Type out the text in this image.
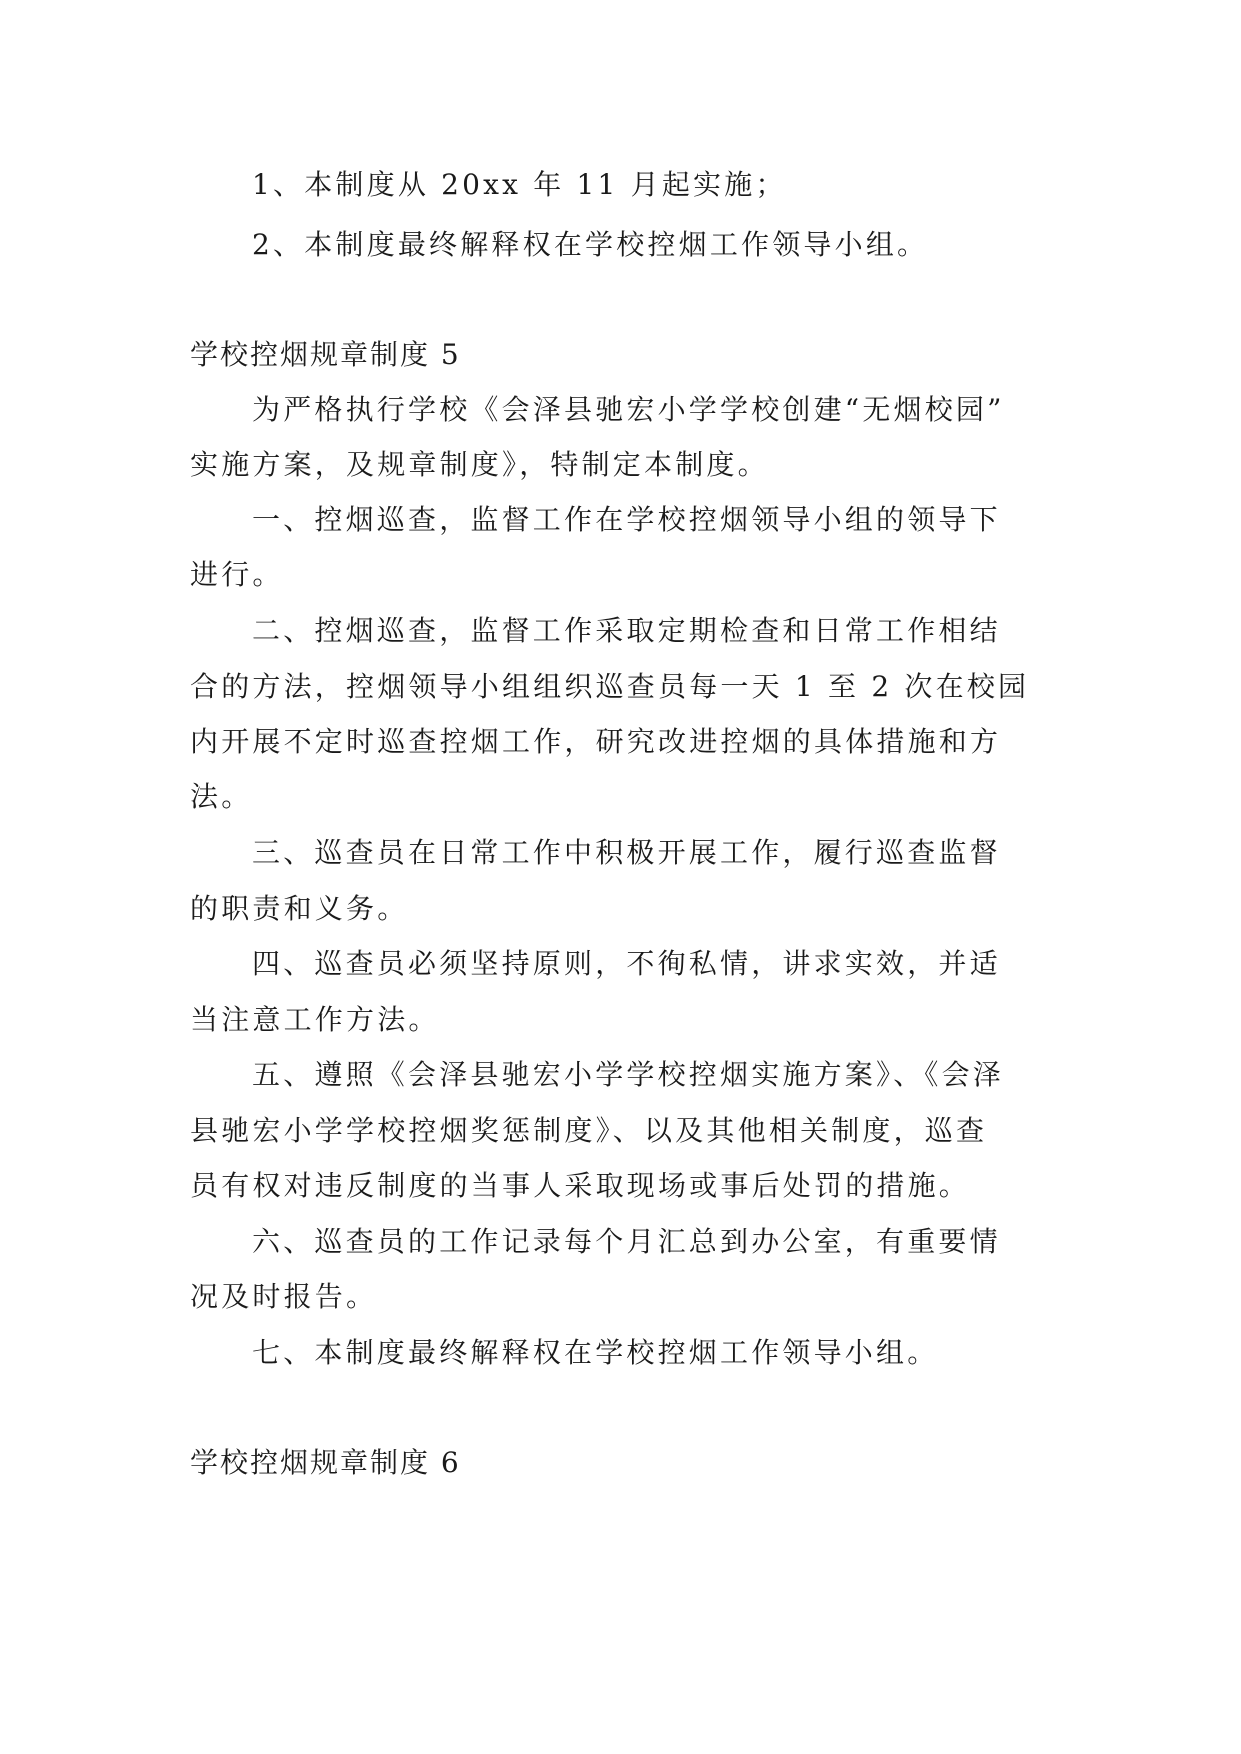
1、本制度从 20xx 年 11 月起实施；
2、本制度最终解释权在学校控烟工作领导小组。
学校控烟规章制度 5
为严格执行学校《会泽县驰宏小学学校创建“无烟校园”
实施方案，及规章制度》，特制定本制度。
一、控烟巡查，监督工作在学校控烟领导小组的领导下
进行。
二、控烟巡查，监督工作采取定期检查和日常工作相结
合的方法，控烟领导小组组织巡查员每一天 1 至 2 次在校园
内开展不定时巡查控烟工作，研究改进控烟的具体措施和方
法。
三、巡查员在日常工作中积极开展工作，履行巡查监督
的职责和义务。
四、巡查员必须坚持原则，不徇私情，讲求实效，并适
当注意工作方法。
五、遵照《会泽县驰宏小学学校控烟实施方案》、《会泽
县驰宏小学学校控烟奖惩制度》、以及其他相关制度，巡查
员有权对违反制度的当事人采取现场或事后处罚的措施。
六、巡查员的工作记录每个月汇总到办公室，有重要情
况及时报告。
七、本制度最终解释权在学校控烟工作领导小组。
学校控烟规章制度 6
